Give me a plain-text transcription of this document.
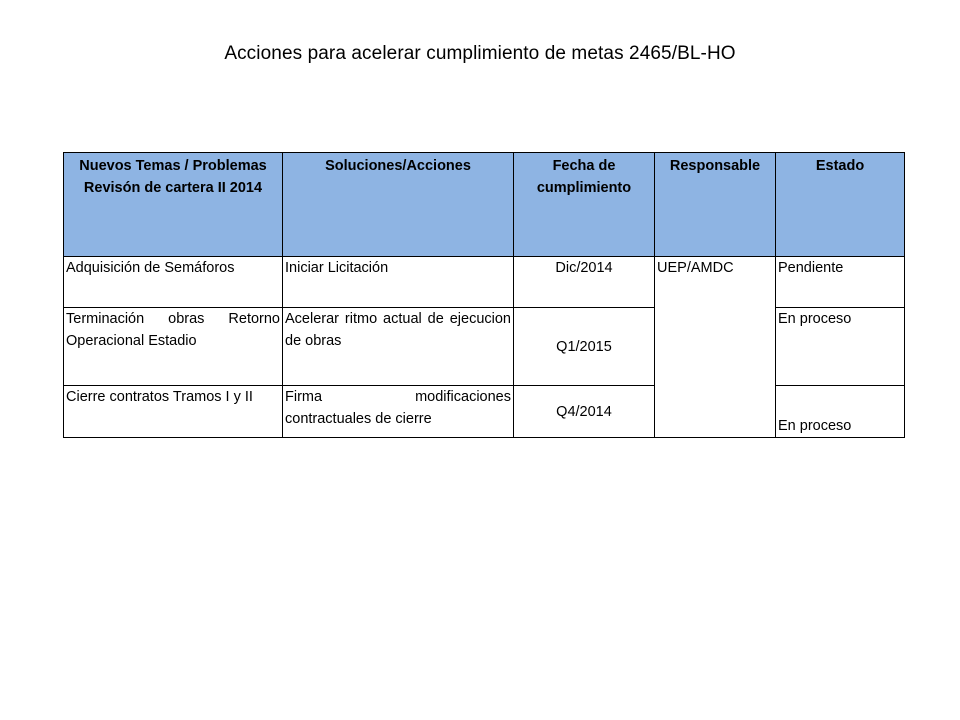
Acciones para acelerar cumplimiento de metas 2465/BL-HO
Nuevos Temas / Problemas
Revisón de cartera II 2014	Soluciones/Acciones	Fecha de cumplimiento	Responsable	Estado
Adquisición de Semáforos	Iniciar Licitación	Dic/2014	UEP/AMDC	Pendiente
Terminación obras Retorno Operacional Estadio	Acelerar ritmo actual de ejecucion de obras	Q1/2015		En proceso
Cierre contratos Tramos I y II	Firma modificaciones contractuales de cierre	Q4/2014		En proceso
